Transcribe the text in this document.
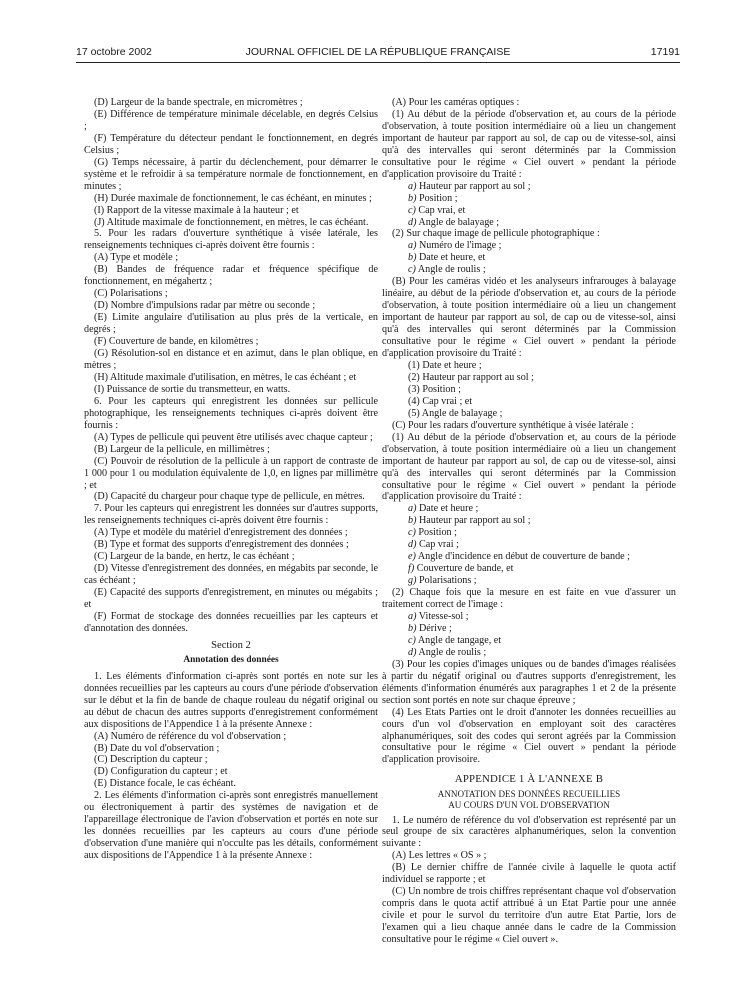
17 octobre 2002	JOURNAL OFFICIEL DE LA RÉPUBLIQUE FRANÇAISE	17191

(D) Largeur de la bande spectrale, en micromètres ;

(E) Différence de température minimale décelable, en degrés Celsius ;

(F) Température du détecteur pendant le fonctionnement, en degrés Celsius ;

(G) Temps nécessaire, à partir du déclenchement, pour démarrer le système et le refroidir à sa température normale de fonctionnement, en minutes ;

(H) Durée maximale de fonctionnement, le cas échéant, en minutes ;

(I) Rapport de la vitesse maximale à la hauteur ; et

(J) Altitude maximale de fonctionnement, en mètres, le cas échéant.

5. Pour les radars d'ouverture synthétique à visée latérale, les renseignements techniques ci-après doivent être fournis :

(A) Type et modèle ;

(B) Bandes de fréquence radar et fréquence spécifique de fonctionnement, en mégahertz ;

(C) Polarisations ;

(D) Nombre d'impulsions radar par mètre ou seconde ;

(E) Limite angulaire d'utilisation au plus près de la verticale, en degrés ;

(F) Couverture de bande, en kilomètres ;

(G) Résolution-sol en distance et en azimut, dans le plan oblique, en mètres ;

(H) Altitude maximale d'utilisation, en mètres, le cas échéant ; et

(I) Puissance de sortie du transmetteur, en watts.

6. Pour les capteurs qui enregistrent les données sur pellicule photographique, les renseignements techniques ci-après doivent être fournis :

(A) Types de pellicule qui peuvent être utilisés avec chaque capteur ;

(B) Largeur de la pellicule, en millimètres ;

(C) Pouvoir de résolution de la pellicule à un rapport de contraste de 1 000 pour 1 ou modulation équivalente de 1,0, en lignes par millimètre ; et

(D) Capacité du chargeur pour chaque type de pellicule, en mètres.

7. Pour les capteurs qui enregistrent les données sur d'autres supports, les renseignements techniques ci-après doivent être fournis :

(A) Type et modèle du matériel d'enregistrement des données ;

(B) Type et format des supports d'enregistrement des données ;

(C) Largeur de la bande, en hertz, le cas échéant ;

(D) Vitesse d'enregistrement des données, en mégabits par seconde, le cas échéant ;

(E) Capacité des supports d'enregistrement, en minutes ou mégabits ; et

(F) Format de stockage des données recueillies par les capteurs et d'annotation des données.

Section 2

Annotation des données

1. Les éléments d'information ci-après sont portés en note sur les données recueillies par les capteurs au cours d'une période d'observation sur le début et la fin de bande de chaque rouleau du négatif original ou au début de chacun des autres supports d'enregistrement conformément aux dispositions de l'Appendice 1 à la présente Annexe :

(A) Numéro de référence du vol d'observation ;

(B) Date du vol d'observation ;

(C) Description du capteur ;

(D) Configuration du capteur ; et

(E) Distance focale, le cas échéant.

2. Les éléments d'information ci-après sont enregistrés manuellement ou électroniquement à partir des systèmes de navigation et de l'appareillage électronique de l'avion d'observation et portés en note sur les données recueillies par les capteurs au cours d'une période d'observation d'une manière qui n'occulte pas les détails, conformément aux dispositions de l'Appendice 1 à la présente Annexe :

(A) Pour les caméras optiques :

(1) Au début de la période d'observation et, au cours de la période d'observation, à toute position intermédiaire où a lieu un changement important de hauteur par rapport au sol, de cap ou de vitesse-sol, ainsi qu'à des intervalles qui seront déterminés par la Commission consultative pour le régime « Ciel ouvert » pendant la période d'application provisoire du Traité :

a) Hauteur par rapport au sol ;

b) Position ;

c) Cap vrai, et

d) Angle de balayage ;

(2) Sur chaque image de pellicule photographique :

a) Numéro de l'image ;

b) Date et heure, et

c) Angle de roulis ;

(B) Pour les caméras vidéo et les analyseurs infrarouges à balayage linéaire, au début de la période d'observation et, au cours de la période d'observation, à toute position intermédiaire où a lieu un changement important de hauteur par rapport au sol, de cap ou de vitesse-sol, ainsi qu'à des intervalles qui seront déterminés par la Commission consultative pour le régime « Ciel ouvert » pendant la période d'application provisoire du Traité :

(1) Date et heure ;

(2) Hauteur par rapport au sol ;

(3) Position ;

(4) Cap vrai ; et

(5) Angle de balayage ;

(C) Pour les radars d'ouverture synthétique à visée latérale :

(1) Au début de la période d'observation et, au cours de la période d'observation, à toute position intermédiaire où a lieu un changement important de hauteur par rapport au sol, de cap ou de vitesse-sol, ainsi qu'à des intervalles qui seront déterminés par la Commission consultative pour le régime « Ciel ouvert » pendant la période d'application provisoire du Traité :

a) Date et heure ;

b) Hauteur par rapport au sol ;

c) Position ;

d) Cap vrai ;

e) Angle d'incidence en début de couverture de bande ;

f) Couverture de bande, et

g) Polarisations ;

(2) Chaque fois que la mesure en est faite en vue d'assurer un traitement correct de l'image :

a) Vitesse-sol ;

b) Dérive ;

c) Angle de tangage, et

d) Angle de roulis ;

(3) Pour les copies d'images uniques ou de bandes d'images réalisées à partir du négatif original ou d'autres supports d'enregistrement, les éléments d'information énumérés aux paragraphes 1 et 2 de la présente section sont portés en note sur chaque épreuve ;

(4) Les Etats Parties ont le droit d'annoter les données recueillies au cours d'un vol d'observation en employant soit des caractères alphanumériques, soit des codes qui seront agréés par la Commission consultative pour le régime « Ciel ouvert » pendant la période d'application provisoire.

APPENDICE 1 À L'ANNEXE B

ANNOTATION DES DONNÉES RECUEILLIES

AU COURS D'UN VOL D'OBSERVATION

1. Le numéro de référence du vol d'observation est représenté par un seul groupe de six caractères alphanumériques, selon la convention suivante :

(A) Les lettres « OS » ;

(B) Le dernier chiffre de l'année civile à laquelle le quota actif individuel se rapporte ; et

(C) Un nombre de trois chiffres représentant chaque vol d'observation compris dans le quota actif attribué à un Etat Partie pour une année civile et pour le survol du territoire d'un autre Etat Partie, lors de l'examen qui a lieu chaque année dans le cadre de la Commission consultative pour le régime « Ciel ouvert ».
